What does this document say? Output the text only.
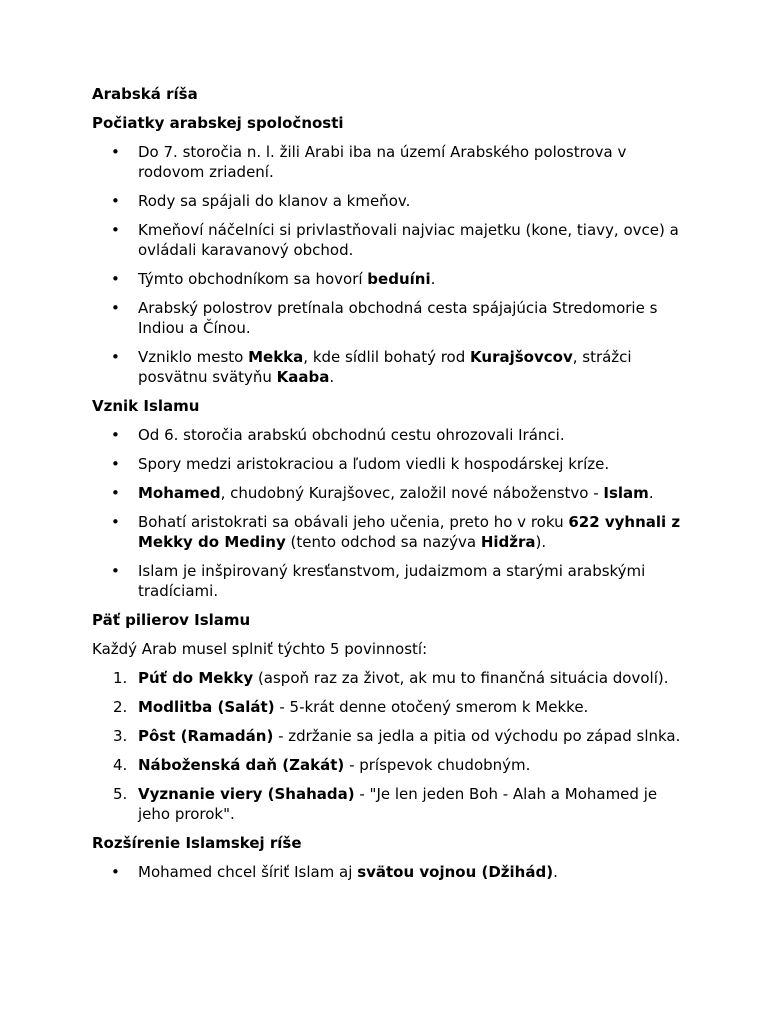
Arabská ríša
Počiatky arabskej spoločnosti
• Do 7. storočia n. l. žili Arabi iba na území Arabského polostrova v rodovom zriadení.
• Rody sa spájali do klanov a kmeňov.
• Kmeňoví náčelníci si privlastňovali najviac majetku (kone, tiavy, ovce) a ovládali karavanový obchod.
• Týmto obchodníkom sa hovorí beduíni.
• Arabský polostrov pretínala obchodná cesta spájajúcia Stredomorie s Indiou a Čínou.
• Vzniklo mesto Mekka, kde sídlil bohatý rod Kurajšovcov, strážci posvätnu svätyňu Kaaba.
Vznik Islamu
• Od 6. storočia arabskú obchodnú cestu ohrozovali Iránci.
• Spory medzi aristokraciou a ľudom viedli k hospodárskej kríze.
• Mohamed, chudobný Kurajšovec, založil nové náboženstvo - Islam.
• Bohatí aristokrati sa obávali jeho učenia, preto ho v roku 622 vyhnali z Mekky do Mediny (tento odchod sa nazýva Hidžra).
• Islam je inšpirovaný kresťanstvom, judaizmom a starými arabskými tradíciami.
Päť pilierov Islamu
Každý Arab musel splniť týchto 5 povinností:
1. Púť do Mekky (aspoň raz za život, ak mu to finančná situácia dovolí).
2. Modlitba (Salát) - 5-krát denne otočený smerom k Mekke.
3. Pôst (Ramadán) - zdržanie sa jedla a pitia od východu po západ slnka.
4. Náboženská daň (Zakát) - príspevok chudobným.
5. Vyznanie viery (Shahada) - "Je len jeden Boh - Alah a Mohamed je jeho prorok".
Rozšírenie Islamskej ríše
• Mohamed chcel šíriť Islam aj svätou vojnou (Džihád).
